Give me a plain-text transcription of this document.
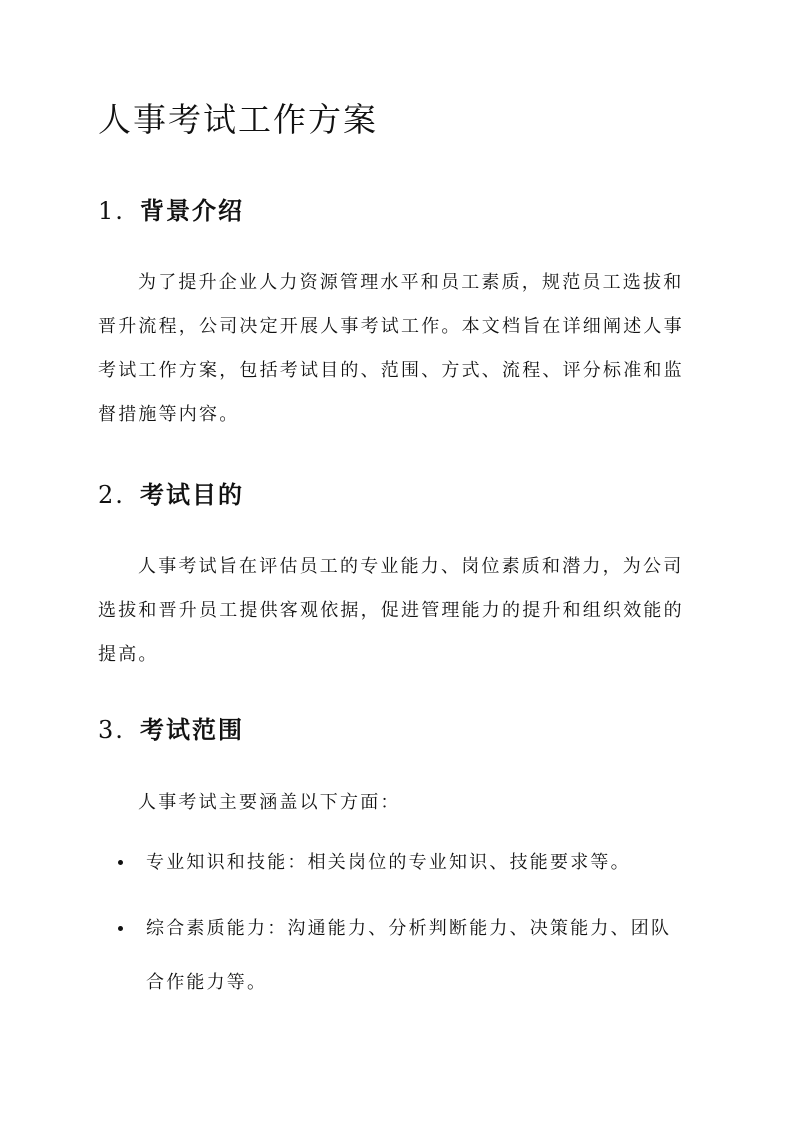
人事考试工作方案
1. 背景介绍
为了提升企业人力资源管理水平和员工素质，规范员工选拔和
晋升流程，公司决定开展人事考试工作。本文档旨在详细阐述人事
考试工作方案，包括考试目的、范围、方式、流程、评分标准和监
督措施等内容。
2. 考试目的
人事考试旨在评估员工的专业能力、岗位素质和潜力，为公司
选拔和晋升员工提供客观依据，促进管理能力的提升和组织效能的
提高。
3. 考试范围

人事考试主要涵盖以下方面：

专业知识和技能：相关岗位的专业知识、技能要求等。
综合素质能力：沟通能力、分析判断能力、决策能力、团队
合作能力等。
